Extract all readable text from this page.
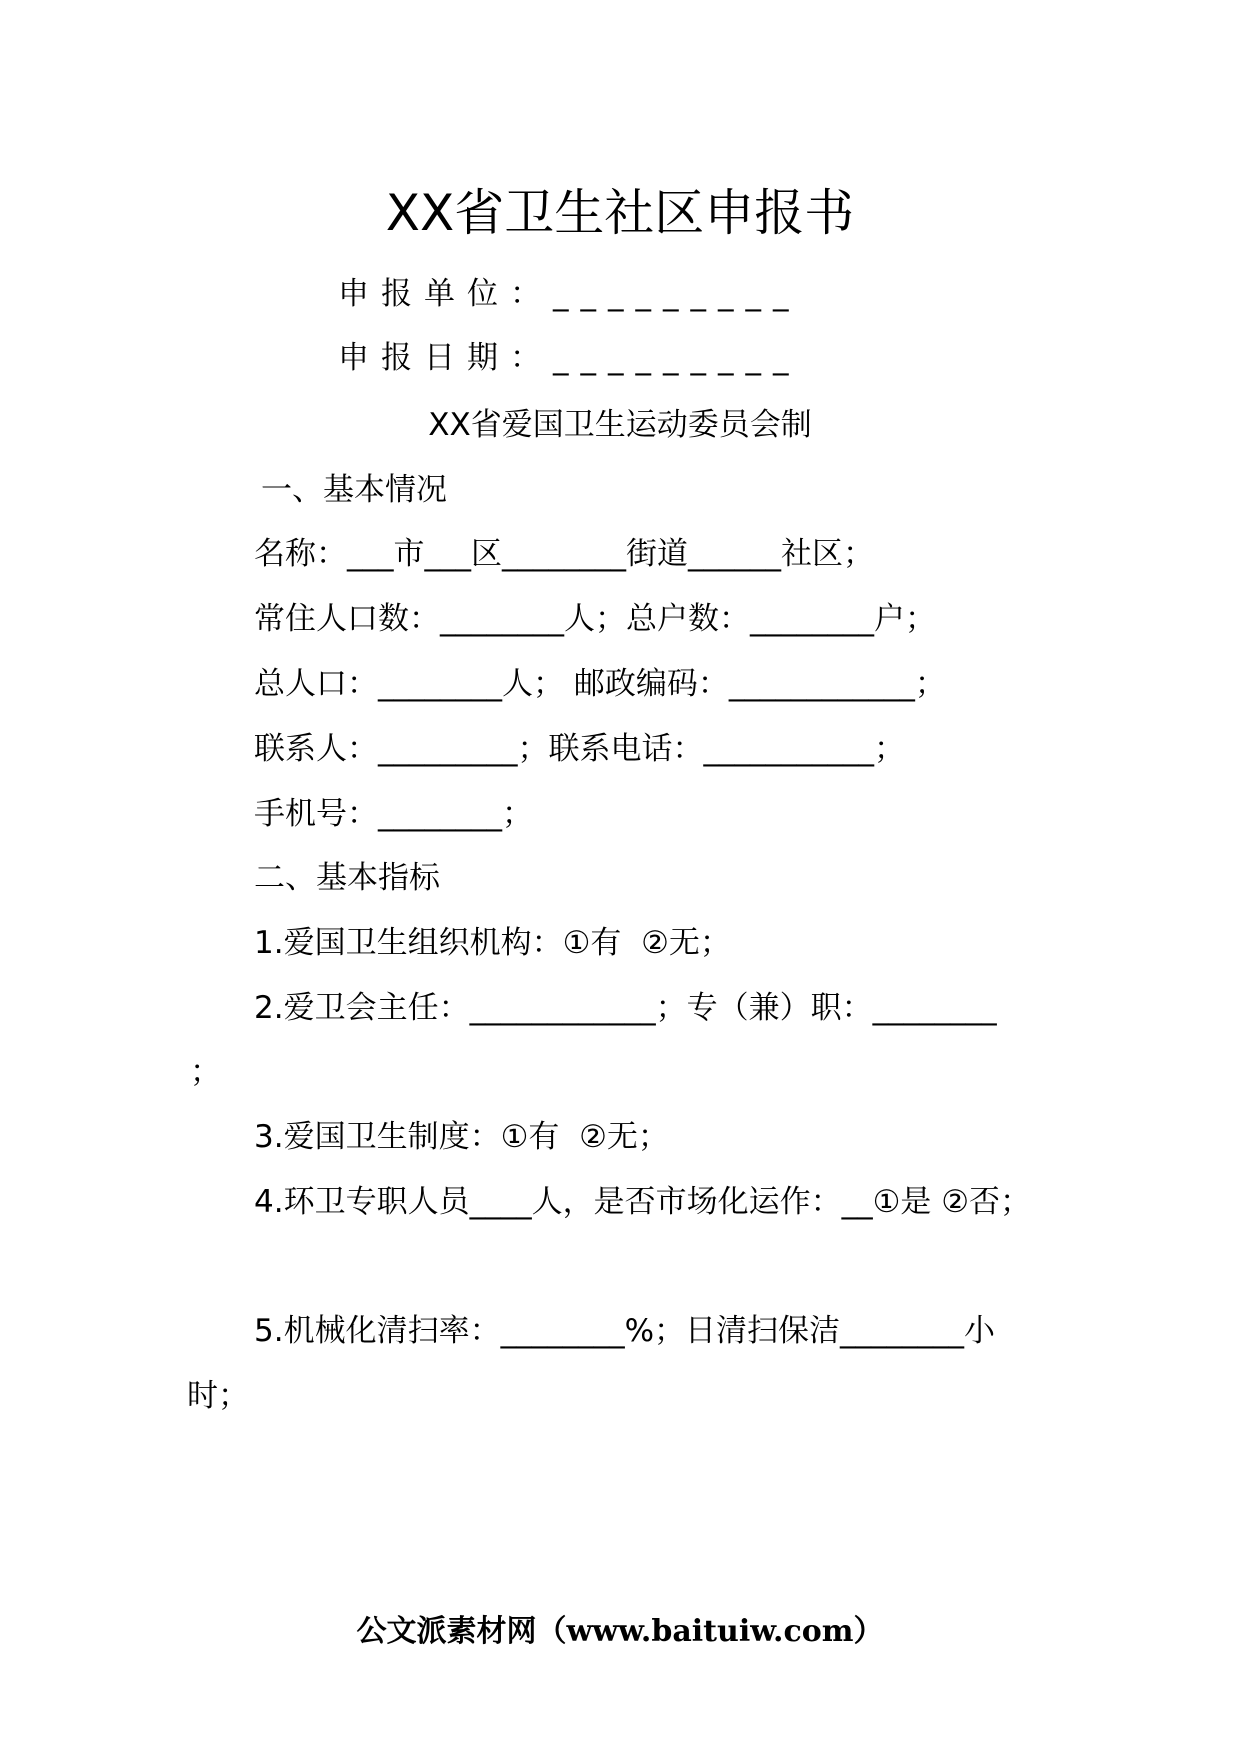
XX省卫生社区申报书
申报单位：_________
申报日期：_________
XX省爱国卫生运动委员会制
一、基本情况
名称：___市___区________街道______社区；
常住人口数：________人；总户数：________户；
总人口：________人； 邮政编码：____________；
联系人：_________；联系电话：___________；
手机号：________；
二、基本指标
1.爱国卫生组织机构：①有  ②无；
2.爱卫会主任：____________；专（兼）职：________
；
3.爱国卫生制度：①有  ②无；
4.环卫专职人员____人，是否市场化运作：__①是 ②否；
5.机械化清扫率：________%；日清扫保洁________小
时；
公文派素材网（www.baituiw.com）
